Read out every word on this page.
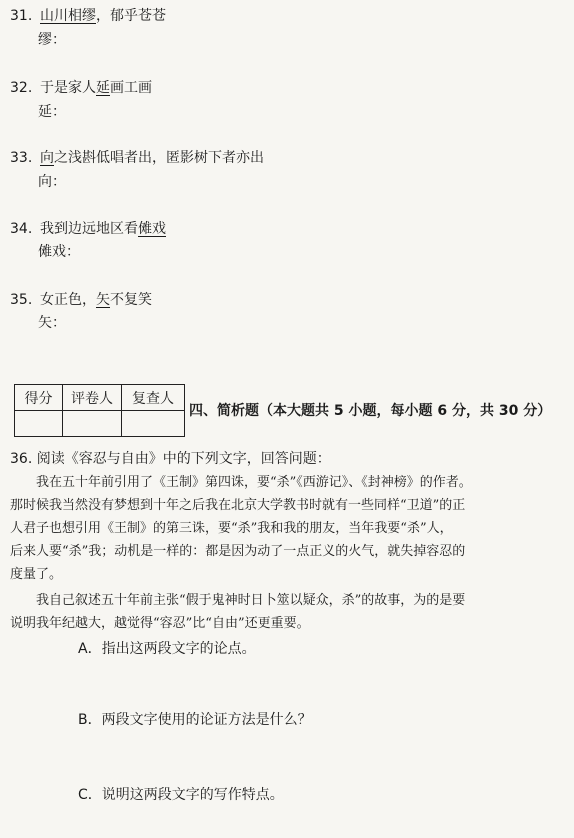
31. 山川相缪，郁乎苍苍
缪：
32. 于是家人延画工画
延：
33. 向之浅斟低唱者出，匿影树下者亦出
向：
34. 我到边远地区看傩戏
傩戏：
35. 女正色，矢不复笑
矢：
得分	评卷人	复查人

四、简析题（本大题共 5 小题，每小题 6 分，共 30 分）
36. 阅读《容忍与自由》中的下列文字，回答问题：
我在五十年前引用了《王制》第四诛，要“杀”《西游记》、《封神榜》的作者。
那时候我当然没有梦想到十年之后我在北京大学教书时就有一些同样“卫道”的正
人君子也想引用《王制》的第三诛，要“杀”我和我的朋友，当年我要“杀”人，
后来人要“杀”我；动机是一样的：都是因为动了一点正义的火气，就失掉容忍的
度量了。
我自己叙述五十年前主张“假于鬼神时日卜筮以疑众，杀”的故事，为的是要
说明我年纪越大，越觉得“容忍”比“自由”还更重要。
A．指出这两段文字的论点。
B．两段文字使用的论证方法是什么？
C．说明这两段文字的写作特点。
